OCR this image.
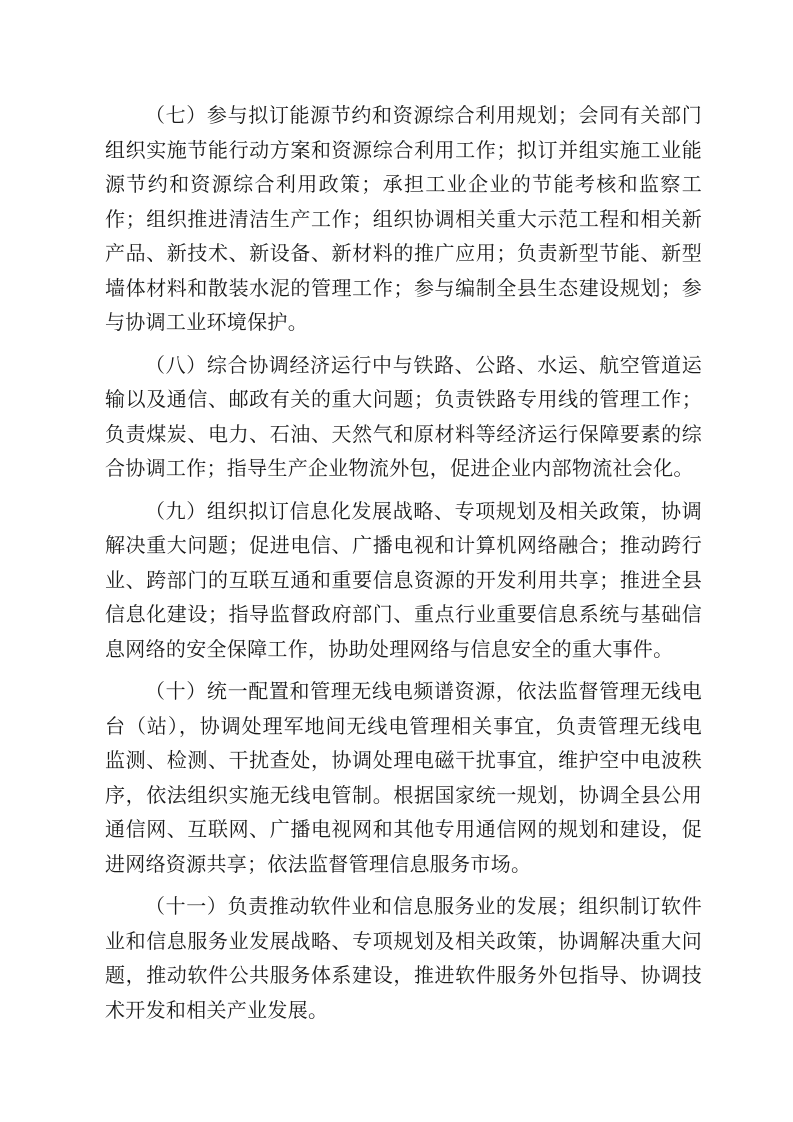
（七）参与拟订能源节约和资源综合利用规划；会同有关部门组织实施节能行动方案和资源综合利用工作；拟订并组实施工业能源节约和资源综合利用政策；承担工业企业的节能考核和监察工作；组织推进清洁生产工作；组织协调相关重大示范工程和相关新产品、新技术、新设备、新材料的推广应用；负责新型节能、新型墙体材料和散装水泥的管理工作；参与编制全县生态建设规划；参与协调工业环境保护。

（八）综合协调经济运行中与铁路、公路、水运、航空管道运输以及通信、邮政有关的重大问题；负责铁路专用线的管理工作；负责煤炭、电力、石油、天然气和原材料等经济运行保障要素的综合协调工作；指导生产企业物流外包，促进企业内部物流社会化。

（九）组织拟订信息化发展战略、专项规划及相关政策，协调解决重大问题；促进电信、广播电视和计算机网络融合；推动跨行业、跨部门的互联互通和重要信息资源的开发利用共享；推进全县信息化建设；指导监督政府部门、重点行业重要信息系统与基础信息网络的安全保障工作，协助处理网络与信息安全的重大事件。

（十）统一配置和管理无线电频谱资源，依法监督管理无线电台（站），协调处理军地间无线电管理相关事宜，负责管理无线电监测、检测、干扰查处，协调处理电磁干扰事宜，维护空中电波秩序，依法组织实施无线电管制。根据国家统一规划，协调全县公用通信网、互联网、广播电视网和其他专用通信网的规划和建设，促进网络资源共享；依法监督管理信息服务市场。

（十一）负责推动软件业和信息服务业的发展；组织制订软件业和信息服务业发展战略、专项规划及相关政策，协调解决重大问题，推动软件公共服务体系建设，推进软件服务外包指导、协调技术开发和相关产业发展。
